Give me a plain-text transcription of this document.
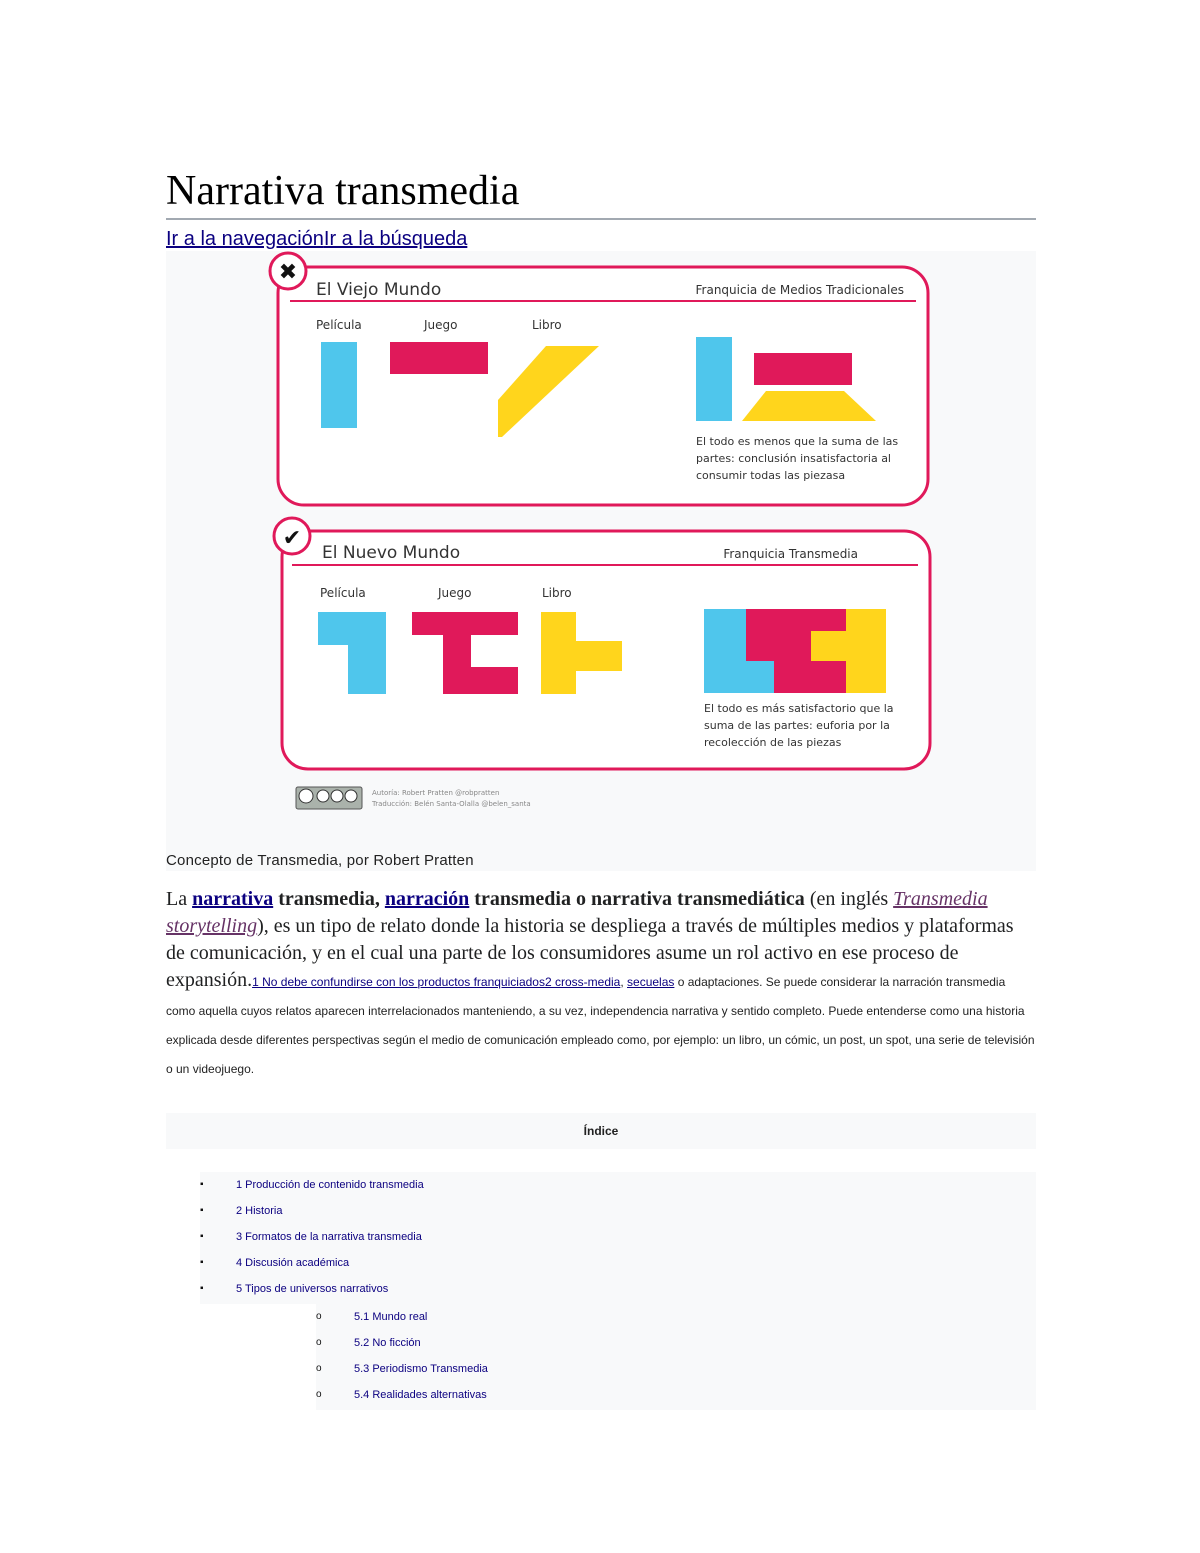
Narrativa transmedia
Ir a la navegaciónIr a la búsqueda
✖
El Viejo Mundo	Franquicia de Medios Tradicionales
Película	Juego	Libro
El todo es menos que la suma de las
partes: conclusión insatisfactoria al
consumir todas las piezasa
✔
El Nuevo Mundo	Franquicia Transmedia
Película	Juego	Libro
El todo es más satisfactorio que la
suma de las partes: euforia por la
recolección de las piezas
Autoría: Robert Pratten @robpratten
Traducción: Belén Santa-Olalla @belen_santa
Concepto de Transmedia, por Robert Pratten
La narrativa transmedia, narración transmedia o narrativa transmediática (en inglés Transmedia storytelling), es un tipo de relato donde la historia se despliega a través de múltiples medios y plataformas de comunicación, y en el cual una parte de los consumidores asume un rol activo en ese proceso de expansión.1 No debe confundirse con los productos franquiciados2 cross-media, secuelas o adaptaciones. Se puede considerar la narración transmedia como aquella cuyos relatos aparecen interrelacionados manteniendo, a su vez, independencia narrativa y sentido completo. Puede entenderse como una historia explicada desde diferentes perspectivas según el medio de comunicación empleado como, por ejemplo: un libro, un cómic, un post, un spot, una serie de televisión o un videojuego.
Índice
▪	1 Producción de contenido transmedia
▪	2 Historia
▪	3 Formatos de la narrativa transmedia
▪	4 Discusión académica
▪	5 Tipos de universos narrativos
o	5.1 Mundo real
o	5.2 No ficción
o	5.3 Periodismo Transmedia
o	5.4 Realidades alternativas
